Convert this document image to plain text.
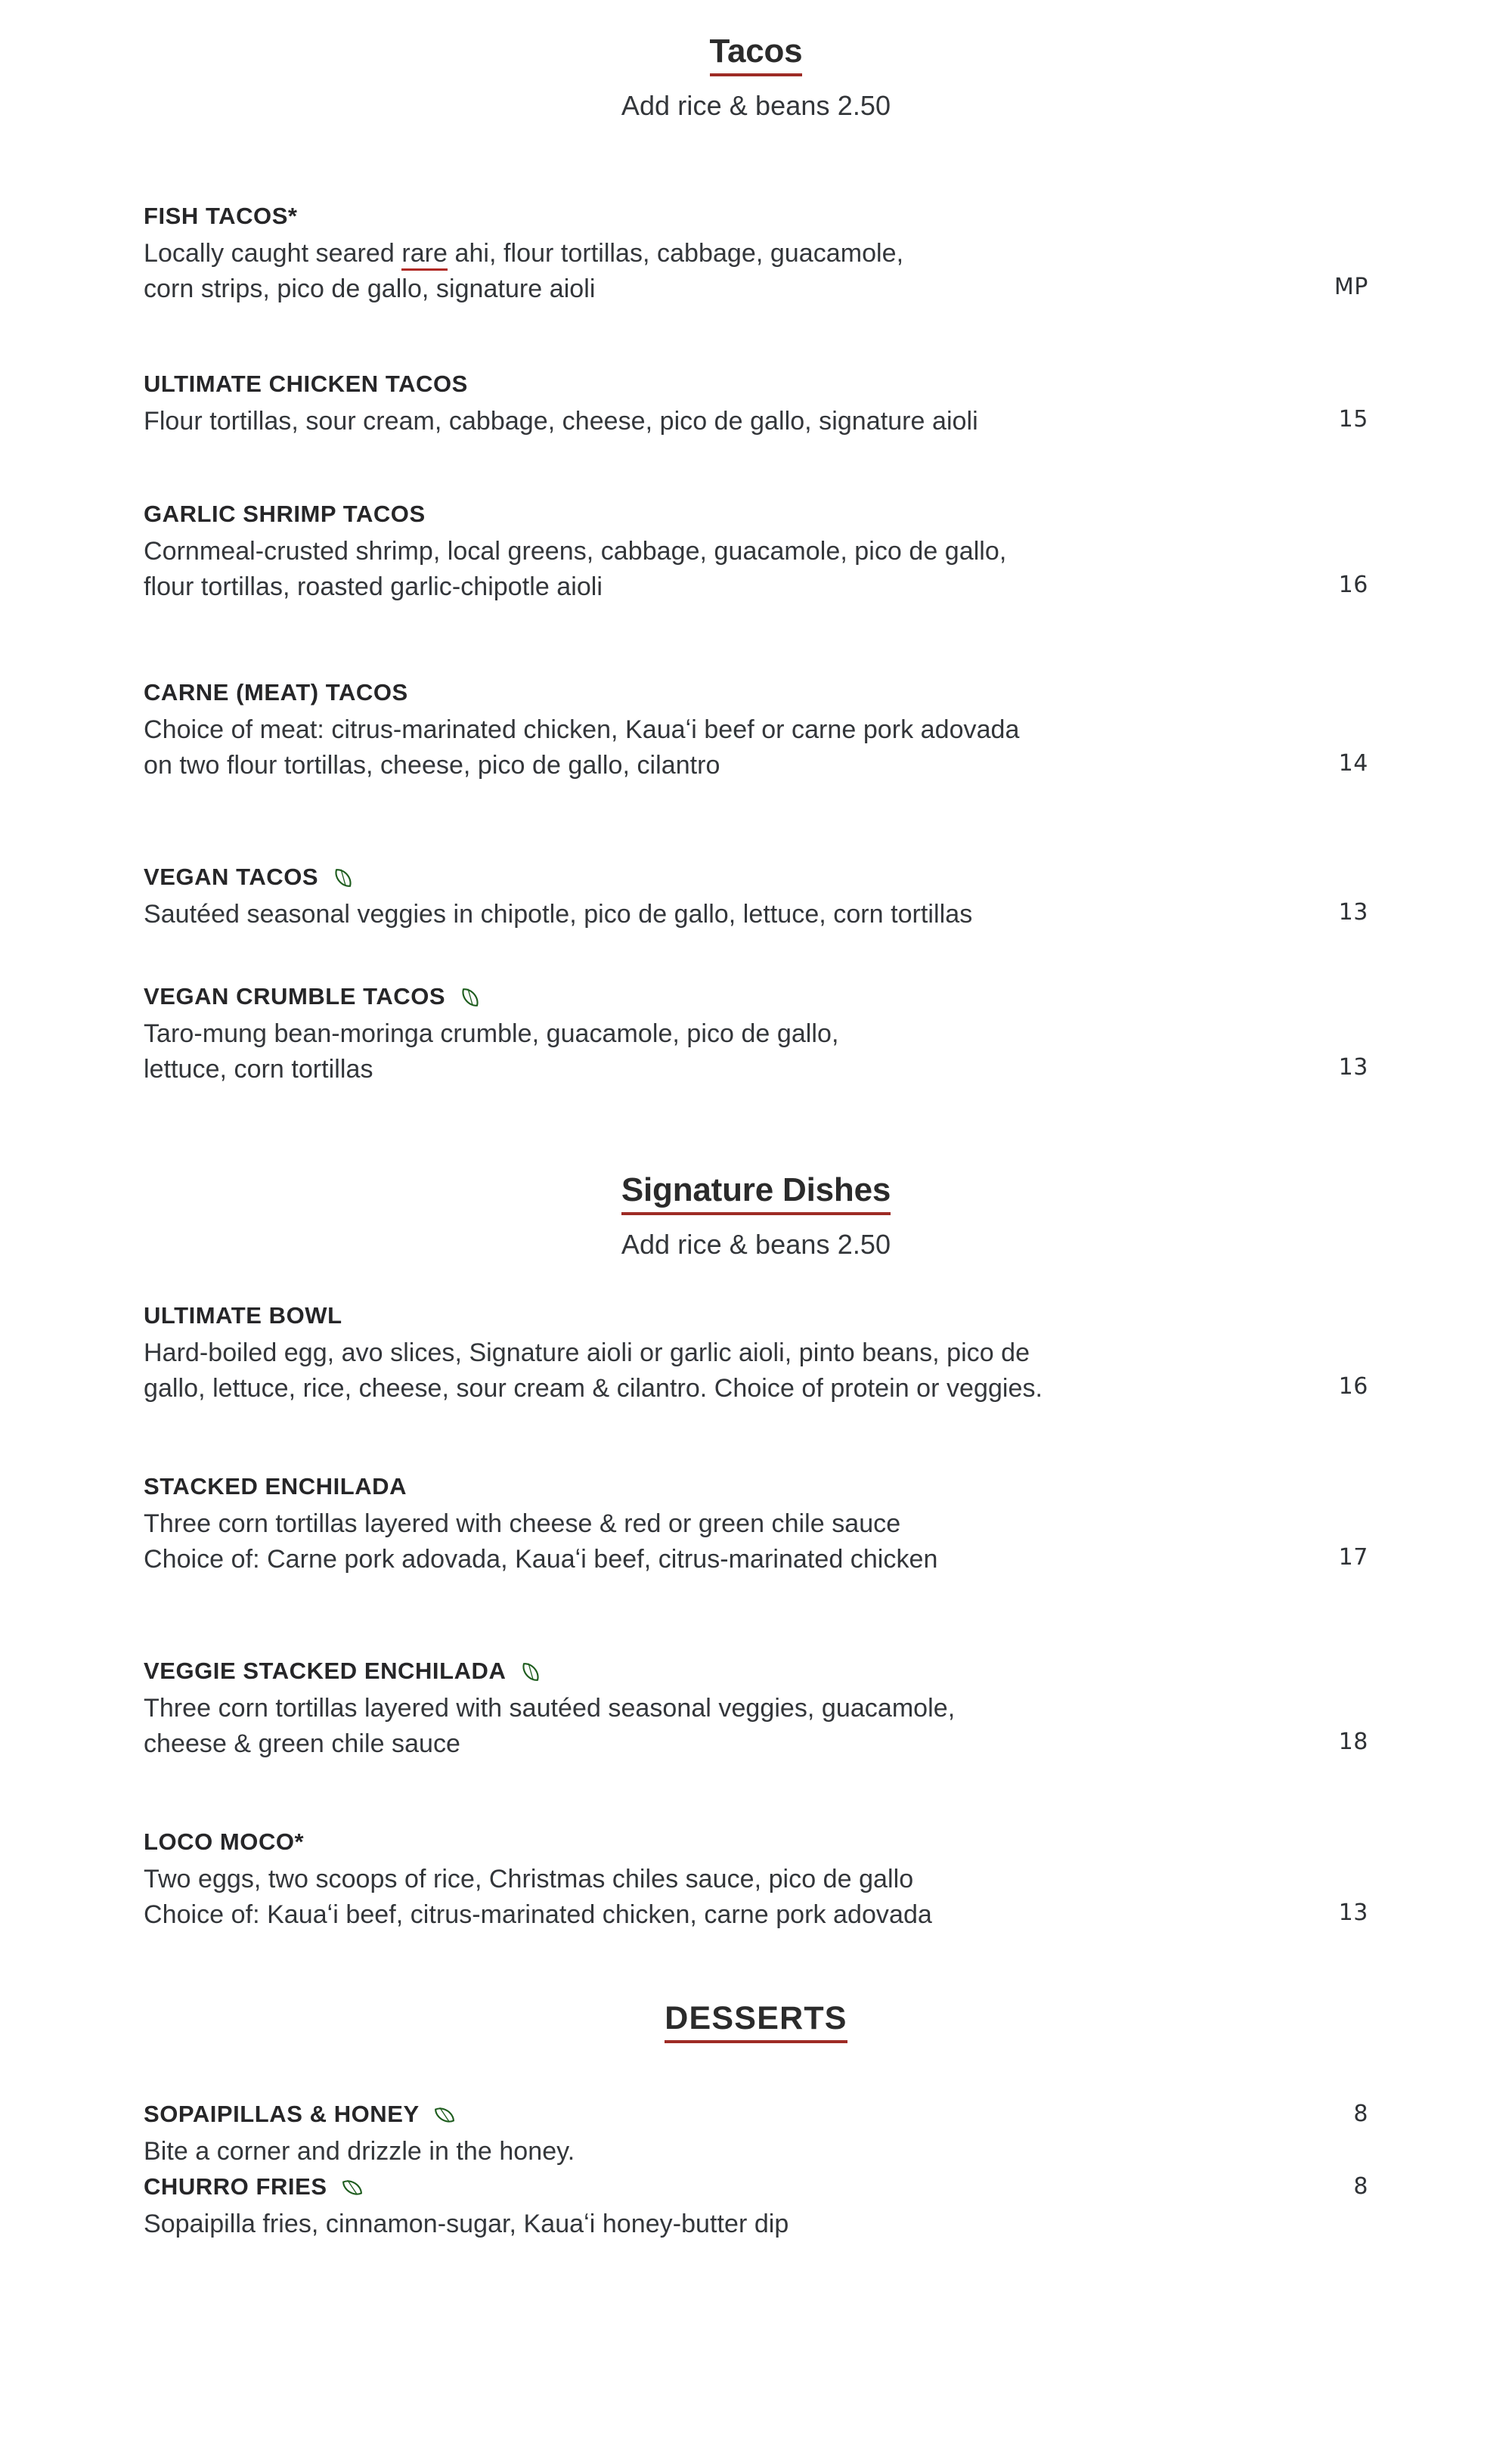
Tacos
Add rice & beans 2.50
FISH TACOS*
Locally caught seared rare ahi, flour tortillas, cabbage, guacamole,
corn strips, pico de gallo, signature aioli	MP
ULTIMATE CHICKEN TACOS
Flour tortillas, sour cream, cabbage, cheese, pico de gallo, signature aioli	15
GARLIC SHRIMP TACOS
Cornmeal-crusted shrimp, local greens, cabbage, guacamole, pico de gallo,
flour tortillas, roasted garlic-chipotle aioli	16
CARNE (MEAT) TACOS
Choice of meat: citrus-marinated chicken, Kauaʻi beef or carne pork adovada
on two flour tortillas, cheese, pico de gallo, cilantro	14
VEGAN TACOS
Sautéed seasonal veggies in chipotle, pico de gallo, lettuce, corn tortillas	13
VEGAN CRUMBLE TACOS
Taro-mung bean-moringa crumble, guacamole, pico de gallo,
lettuce, corn tortillas	13
Signature Dishes
Add rice & beans 2.50
ULTIMATE BOWL
Hard-boiled egg, avo slices, Signature aioli or garlic aioli, pinto beans, pico de
gallo, lettuce, rice, cheese, sour cream & cilantro. Choice of protein or veggies.	16
STACKED ENCHILADA
Three corn tortillas layered with cheese & red or green chile sauce
Choice of: Carne pork adovada, Kauaʻi beef, citrus-marinated chicken	17
VEGGIE STACKED ENCHILADA
Three corn tortillas layered with sautéed seasonal veggies, guacamole,
cheese & green chile sauce	18
LOCO MOCO*
Two eggs, two scoops of rice, Christmas chiles sauce, pico de gallo
Choice of: Kauaʻi beef, citrus-marinated chicken, carne pork adovada	13
DESSERTS
SOPAIPILLAS & HONEY	8
Bite a corner and drizzle in the honey.
CHURRO FRIES	8
Sopaipilla fries, cinnamon-sugar, Kauaʻi honey-butter dip
